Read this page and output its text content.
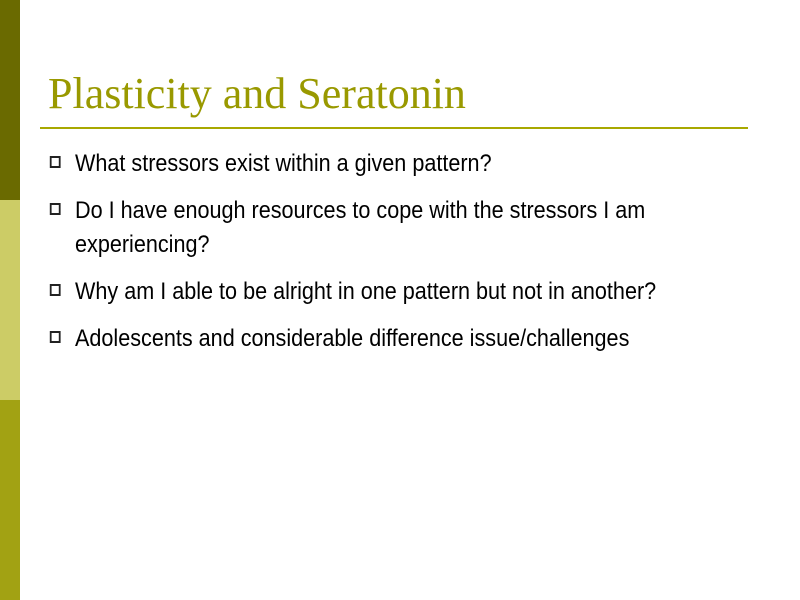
Plasticity and Seratonin
What stressors exist within a given pattern?
Do I have enough resources to cope with the stressors I am experiencing?
Why am I able to be alright in one pattern but not in another?
Adolescents and considerable difference issue/challenges
